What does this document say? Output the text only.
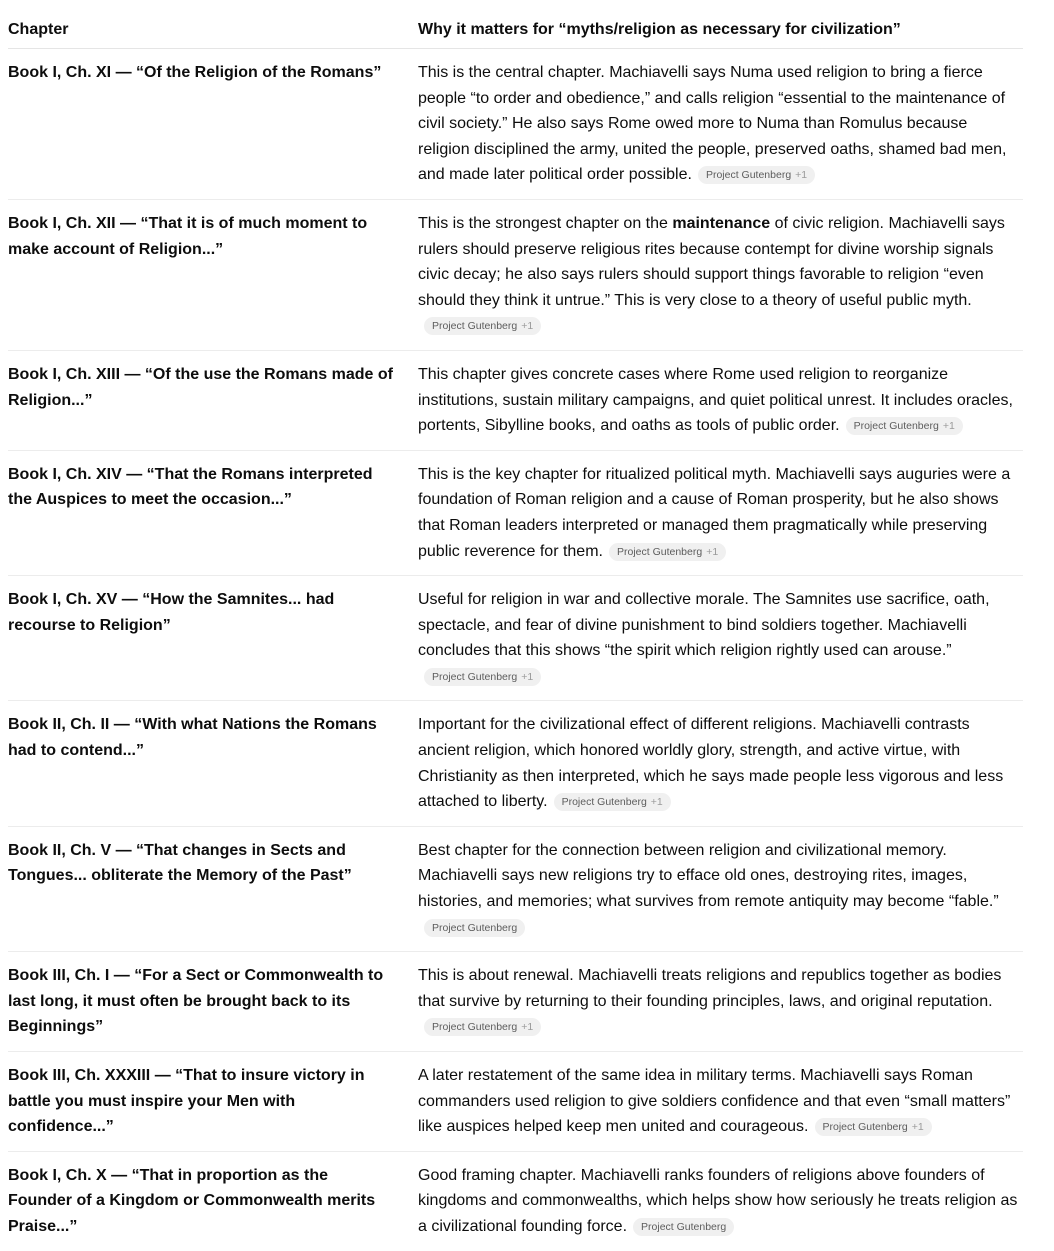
Chapter	Why it matters for “myths/religion as necessary for civilization”
Book I, Ch. XI — “Of the Religion of the Romans”	This is the central chapter. Machiavelli says Numa used religion to bring a fierce people “to order and obedience,” and calls religion “essential to the maintenance of civil society.” He also says Rome owed more to Numa than Romulus because religion disciplined the army, united the people, preserved oaths, shamed bad men, and made later political order possible. Project Gutenberg +1
Book I, Ch. XII — “That it is of much moment to make account of Religion...”	This is the strongest chapter on the maintenance of civic religion. Machiavelli says rulers should preserve religious rites because contempt for divine worship signals civic decay; he also says rulers should support things favorable to religion “even should they think it untrue.” This is very close to a theory of useful public myth.Project Gutenberg +1
Book I, Ch. XIII — “Of the use the Romans made of Religion...”	This chapter gives concrete cases where Rome used religion to reorganize institutions, sustain military campaigns, and quiet political unrest. It includes oracles, portents, Sibylline books, and oaths as tools of public order. Project Gutenberg +1
Book I, Ch. XIV — “That the Romans interpreted the Auspices to meet the occasion...”	This is the key chapter for ritualized political myth. Machiavelli says auguries were a foundation of Roman religion and a cause of Roman prosperity, but he also shows that Roman leaders interpreted or managed them pragmatically while preserving public reverence for them. Project Gutenberg +1
Book I, Ch. XV — “How the Samnites... had recourse to Religion”	Useful for religion in war and collective morale. The Samnites use sacrifice, oath, spectacle, and fear of divine punishment to bind soldiers together. Machiavelli concludes that this shows “the spirit which religion rightly used can arouse.”Project Gutenberg +1
Book II, Ch. II — “With what Nations the Romans had to contend...”	Important for the civilizational effect of different religions. Machiavelli contrasts ancient religion, which honored worldly glory, strength, and active virtue, with Christianity as then interpreted, which he says made people less vigorous and less attached to liberty. Project Gutenberg +1
Book II, Ch. V — “That changes in Sects and Tongues... obliterate the Memory of the Past”	Best chapter for the connection between religion and civilizational memory. Machiavelli says new religions try to efface old ones, destroying rites, images, histories, and memories; what survives from remote antiquity may become “fable.”Project Gutenberg
Book III, Ch. I — “For a Sect or Commonwealth to last long, it must often be brought back to its Beginnings”	This is about renewal. Machiavelli treats religions and republics together as bodies that survive by returning to their founding principles, laws, and original reputation.Project Gutenberg +1
Book III, Ch. XXXIII — “That to insure victory in battle you must inspire your Men with confidence...”	A later restatement of the same idea in military terms. Machiavelli says Roman commanders used religion to give soldiers confidence and that even “small matters” like auspices helped keep men united and courageous. Project Gutenberg +1
Book I, Ch. X — “That in proportion as the Founder of a Kingdom or Commonwealth merits Praise...”	Good framing chapter. Machiavelli ranks founders of religions above founders of kingdoms and commonwealths, which helps show how seriously he treats religion as a civilizational founding force. Project Gutenberg
